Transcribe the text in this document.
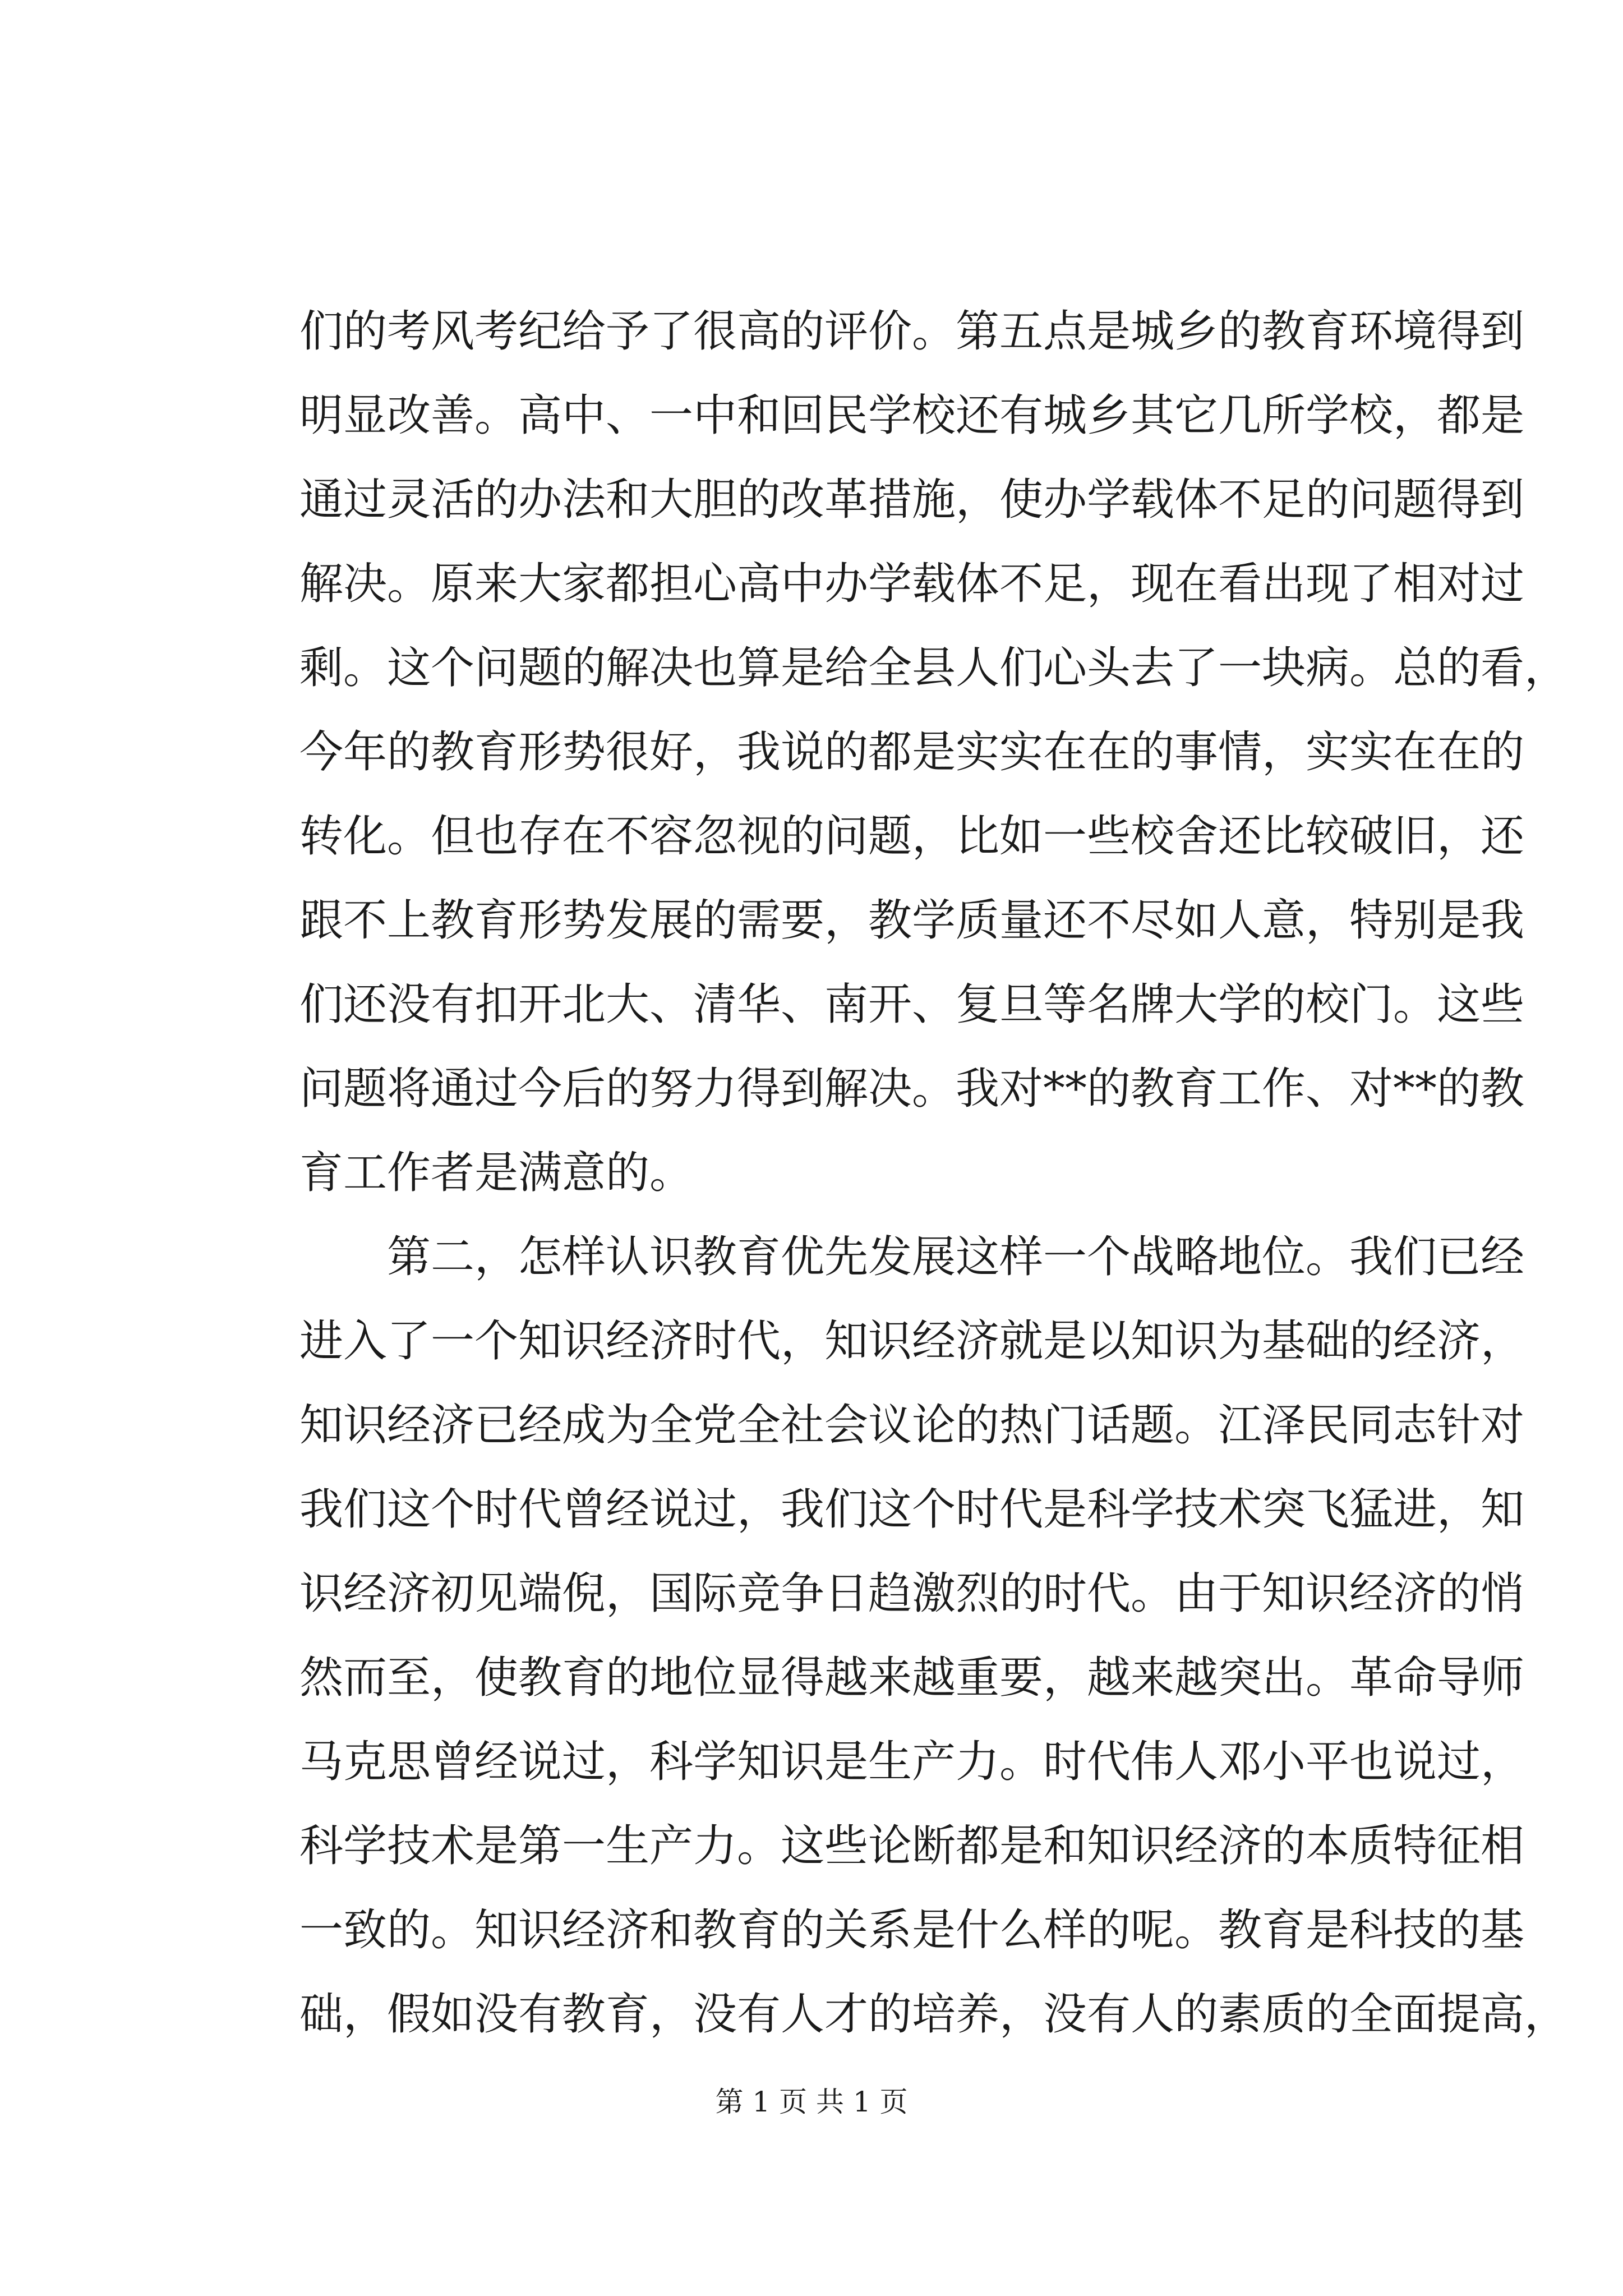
们的考风考纪给予了很高的评价。第五点是城乡的教育环境得到
明显改善。高中、一中和回民学校还有城乡其它几所学校，都是
通过灵活的办法和大胆的改革措施，使办学载体不足的问题得到
解决。原来大家都担心高中办学载体不足，现在看出现了相对过
剩。这个问题的解决也算是给全县人们心头去了一块病。总的看，
今年的教育形势很好，我说的都是实实在在的事情，实实在在的
转化。但也存在不容忽视的问题，比如一些校舍还比较破旧，还
跟不上教育形势发展的需要，教学质量还不尽如人意，特别是我
们还没有扣开北大、清华、南开、复旦等名牌大学的校门。这些
问题将通过今后的努力得到解决。我对**的教育工作、对**的教
育工作者是满意的。
第二，怎样认识教育优先发展这样一个战略地位。我们已经
进入了一个知识经济时代，知识经济就是以知识为基础的经济，
知识经济已经成为全党全社会议论的热门话题。江泽民同志针对
我们这个时代曾经说过，我们这个时代是科学技术突飞猛进，知
识经济初见端倪，国际竞争日趋激烈的时代。由于知识经济的悄
然而至，使教育的地位显得越来越重要，越来越突出。革命导师
马克思曾经说过，科学知识是生产力。时代伟人邓小平也说过，
科学技术是第一生产力。这些论断都是和知识经济的本质特征相
一致的。知识经济和教育的关系是什么样的呢。教育是科技的基
础，假如没有教育，没有人才的培养，没有人的素质的全面提高，
第 1 页 共 1 页
